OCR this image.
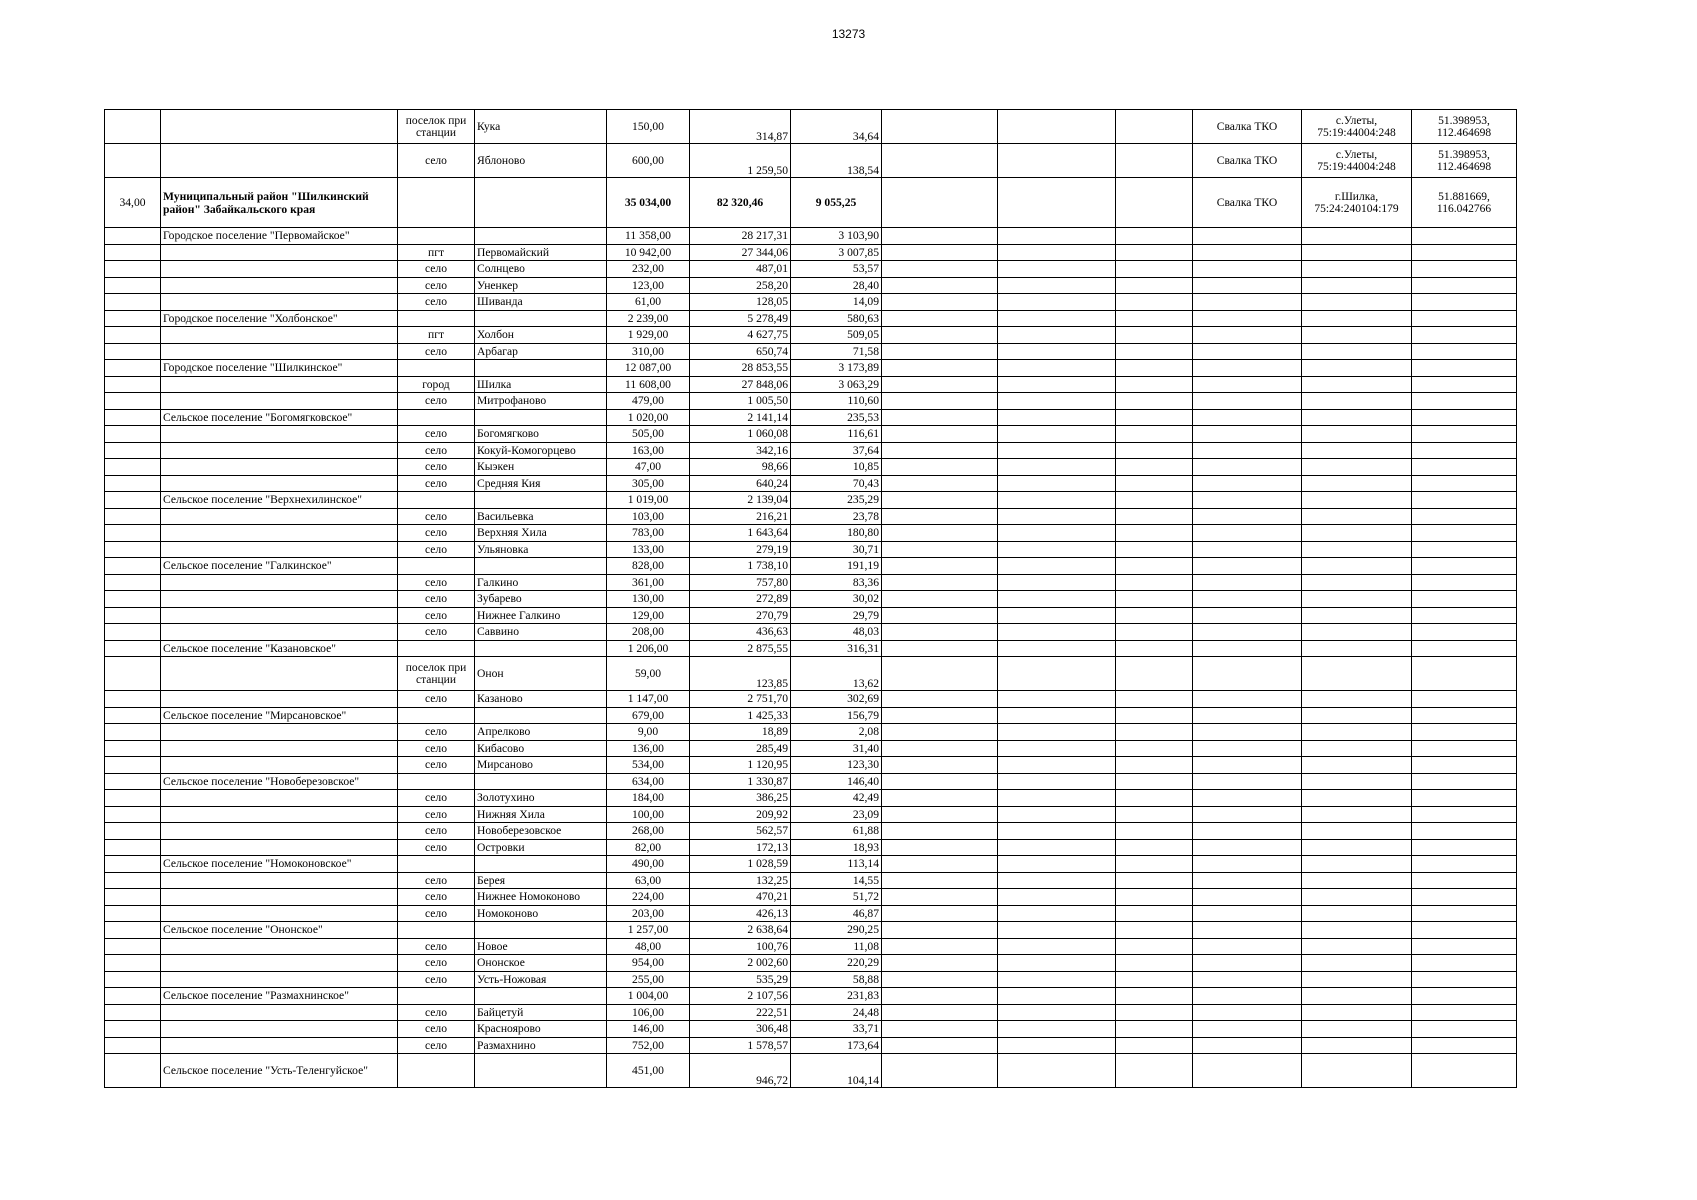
13273
		поселок при станции	Кука	150,00	314,87	34,64				Свалка ТКО	с.Улеты, 75:19:44004:248	51.398953, 112.464698
		село	Яблоново	600,00	1 259,50	138,54				Свалка ТКО	с.Улеты, 75:19:44004:248	51.398953, 112.464698
34,00	Муниципальный район "Шилкинский район" Забайкальского края			35 034,00	82 320,46	9 055,25				Свалка ТКО	г.Шилка, 75:24:240104:179	51.881669, 116.042766
	Городское поселение "Первомайское"			11 358,00	28 217,31	3 103,90						
		пгт	Первомайский	10 942,00	27 344,06	3 007,85						
		село	Солнцево	232,00	487,01	53,57						
		село	Уненкер	123,00	258,20	28,40						
		село	Шиванда	61,00	128,05	14,09						
	Городское поселение "Холбонское"			2 239,00	5 278,49	580,63						
		пгт	Холбон	1 929,00	4 627,75	509,05						
		село	Арбагар	310,00	650,74	71,58						
	Городское поселение "Шилкинское"			12 087,00	28 853,55	3 173,89						
		город	Шилка	11 608,00	27 848,06	3 063,29						
		село	Митрофаново	479,00	1 005,50	110,60						
	Сельское поселение "Богомягковское"			1 020,00	2 141,14	235,53						
		село	Богомягково	505,00	1 060,08	116,61						
		село	Кокуй-Комогорцево	163,00	342,16	37,64						
		село	Кыэкен	47,00	98,66	10,85						
		село	Средняя Кия	305,00	640,24	70,43						
	Сельское поселение "Верхнехилинское"			1 019,00	2 139,04	235,29						
		село	Васильевка	103,00	216,21	23,78						
		село	Верхняя Хила	783,00	1 643,64	180,80						
		село	Ульяновка	133,00	279,19	30,71						
	Сельское поселение "Галкинское"			828,00	1 738,10	191,19						
		село	Галкино	361,00	757,80	83,36						
		село	Зубарево	130,00	272,89	30,02						
		село	Нижнее Галкино	129,00	270,79	29,79						
		село	Саввино	208,00	436,63	48,03						
	Сельское поселение "Казановское"			1 206,00	2 875,55	316,31						
		поселок при станции	Онон	59,00	123,85	13,62						
		село	Казаново	1 147,00	2 751,70	302,69						
	Сельское поселение "Мирсановское"			679,00	1 425,33	156,79						
		село	Апрелково	9,00	18,89	2,08						
		село	Кибасово	136,00	285,49	31,40						
		село	Мирсаново	534,00	1 120,95	123,30						
	Сельское поселение "Новоберезовское"			634,00	1 330,87	146,40						
		село	Золотухино	184,00	386,25	42,49						
		село	Нижняя Хила	100,00	209,92	23,09						
		село	Новоберезовское	268,00	562,57	61,88						
		село	Островки	82,00	172,13	18,93						
	Сельское поселение "Номоконовское"			490,00	1 028,59	113,14						
		село	Берея	63,00	132,25	14,55						
		село	Нижнее Номоконово	224,00	470,21	51,72						
		село	Номоконово	203,00	426,13	46,87						
	Сельское поселение "Ононское"			1 257,00	2 638,64	290,25						
		село	Новое	48,00	100,76	11,08						
		село	Ононское	954,00	2 002,60	220,29						
		село	Усть-Ножовая	255,00	535,29	58,88						
	Сельское поселение "Размахнинское"			1 004,00	2 107,56	231,83						
		село	Байцетуй	106,00	222,51	24,48						
		село	Красноярово	146,00	306,48	33,71						
		село	Размахнино	752,00	1 578,57	173,64						
	Сельское поселение "Усть-Теленгуйское"			451,00	946,72	104,14						
